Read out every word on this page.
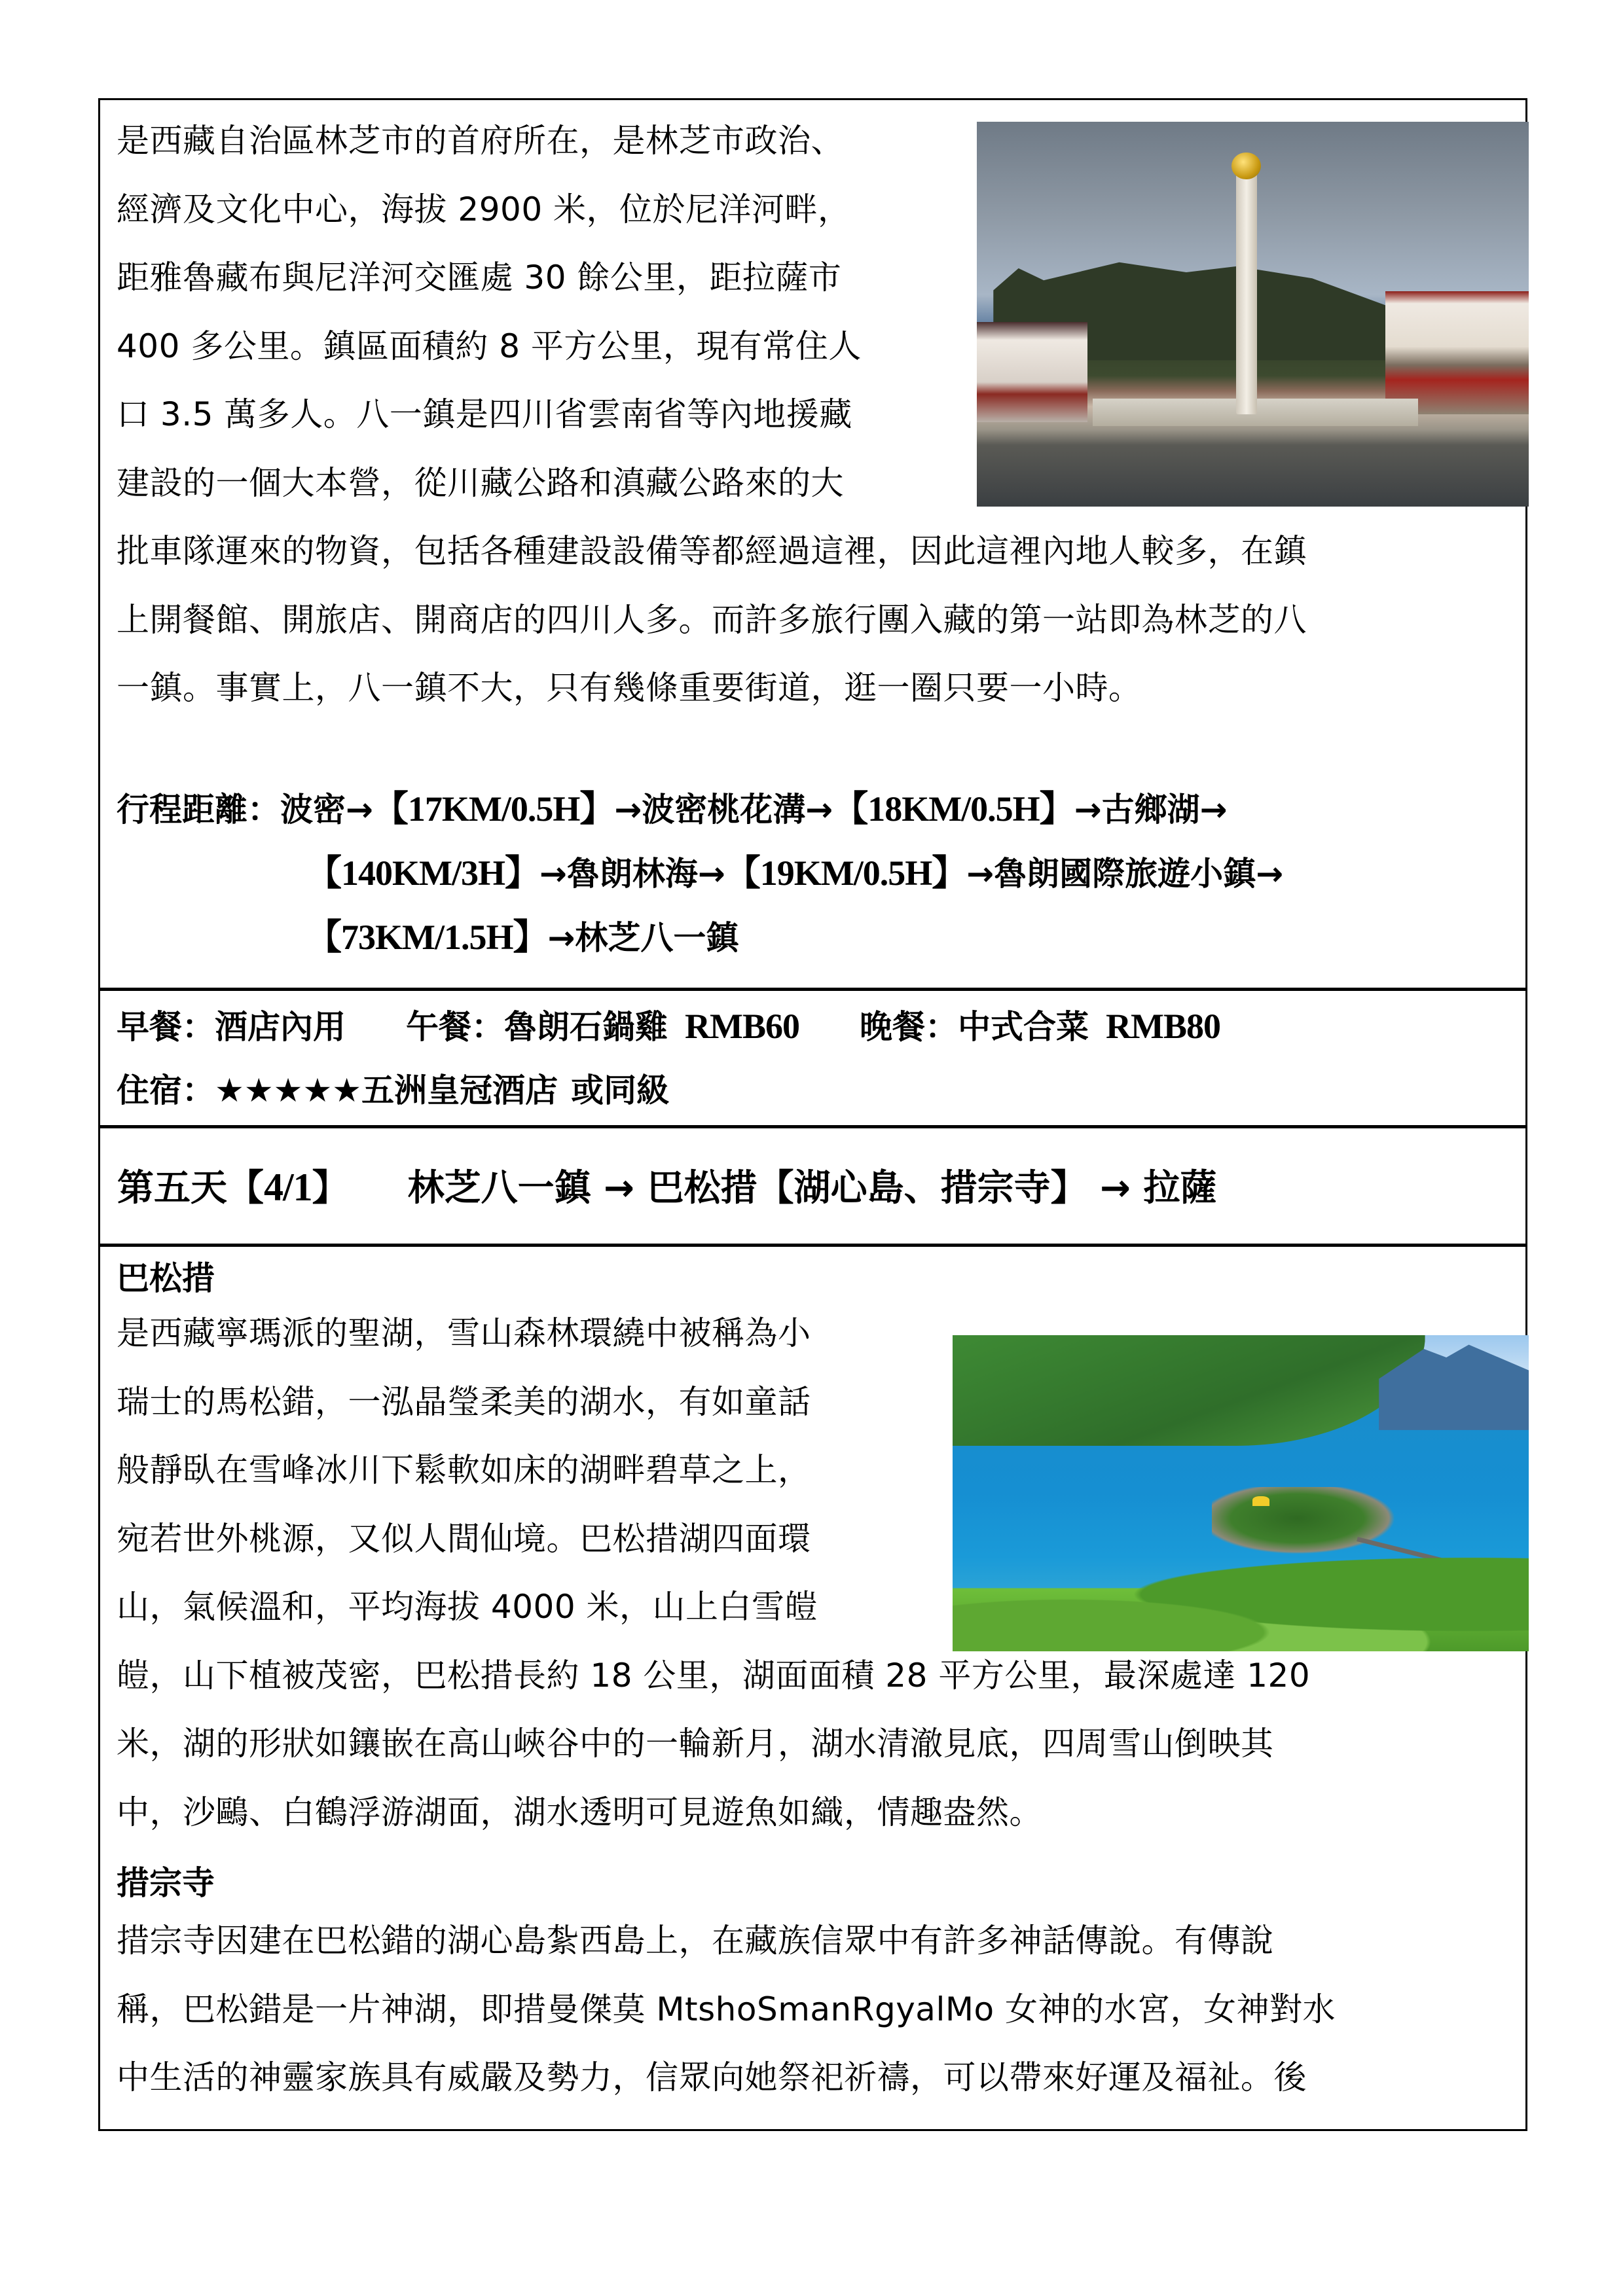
是西藏自治區林芝市的首府所在，是林芝市政治、
經濟及文化中心，海拔 2900 米，位於尼洋河畔，
距雅魯藏布與尼洋河交匯處 30 餘公里，距拉薩市
400 多公里。鎮區面積約 8 平方公里，現有常住人
口 3.5 萬多人。八一鎮是四川省雲南省等內地援藏
建設的一個大本營，從川藏公路和滇藏公路來的大
批車隊運來的物資，包括各種建設設備等都經過這裡，因此這裡內地人較多，在鎮
上開餐館、開旅店、開商店的四川人多。而許多旅行團入藏的第一站即為林芝的八
一鎮。事實上，八一鎮不大，只有幾條重要街道，逛一圈只要一小時。
行程距離：波密→【17KM/0.5H】→波密桃花溝→【18KM/0.5H】→古鄉湖→
【140KM/3H】→魯朗林海→【19KM/0.5H】→魯朗國際旅遊小鎮→
【73KM/1.5H】→林芝八一鎮
早餐：酒店內用 午餐：魯朗石鍋雞 RMB60 晚餐：中式合菜 RMB80
住宿：★★★★★五洲皇冠酒店 或同級
第五天【4/1】 林芝八一鎮 → 巴松措【湖心島、措宗寺】 → 拉薩
巴松措
是西藏寧瑪派的聖湖，雪山森林環繞中被稱為小
瑞士的馬松錯，一泓晶瑩柔美的湖水，有如童話
般靜臥在雪峰冰川下鬆軟如床的湖畔碧草之上，
宛若世外桃源，又似人間仙境。巴松措湖四面環
山，氣候溫和，平均海拔 4000 米，山上白雪皚
皚，山下植被茂密，巴松措長約 18 公里，湖面面積 28 平方公里，最深處達 120
米，湖的形狀如鑲嵌在高山峽谷中的一輪新月，湖水清澈見底，四周雪山倒映其
中，沙鷗、白鶴浮游湖面，湖水透明可見遊魚如織，情趣盎然。
措宗寺
措宗寺因建在巴松錯的湖心島紮西島上，在藏族信眾中有許多神話傳說。有傳說
稱，巴松錯是一片神湖，即措曼傑莫 MtshoSmanRgyalMo 女神的水宮，女神對水
中生活的神靈家族具有威嚴及勢力，信眾向她祭祀祈禱，可以帶來好運及福祉。後
